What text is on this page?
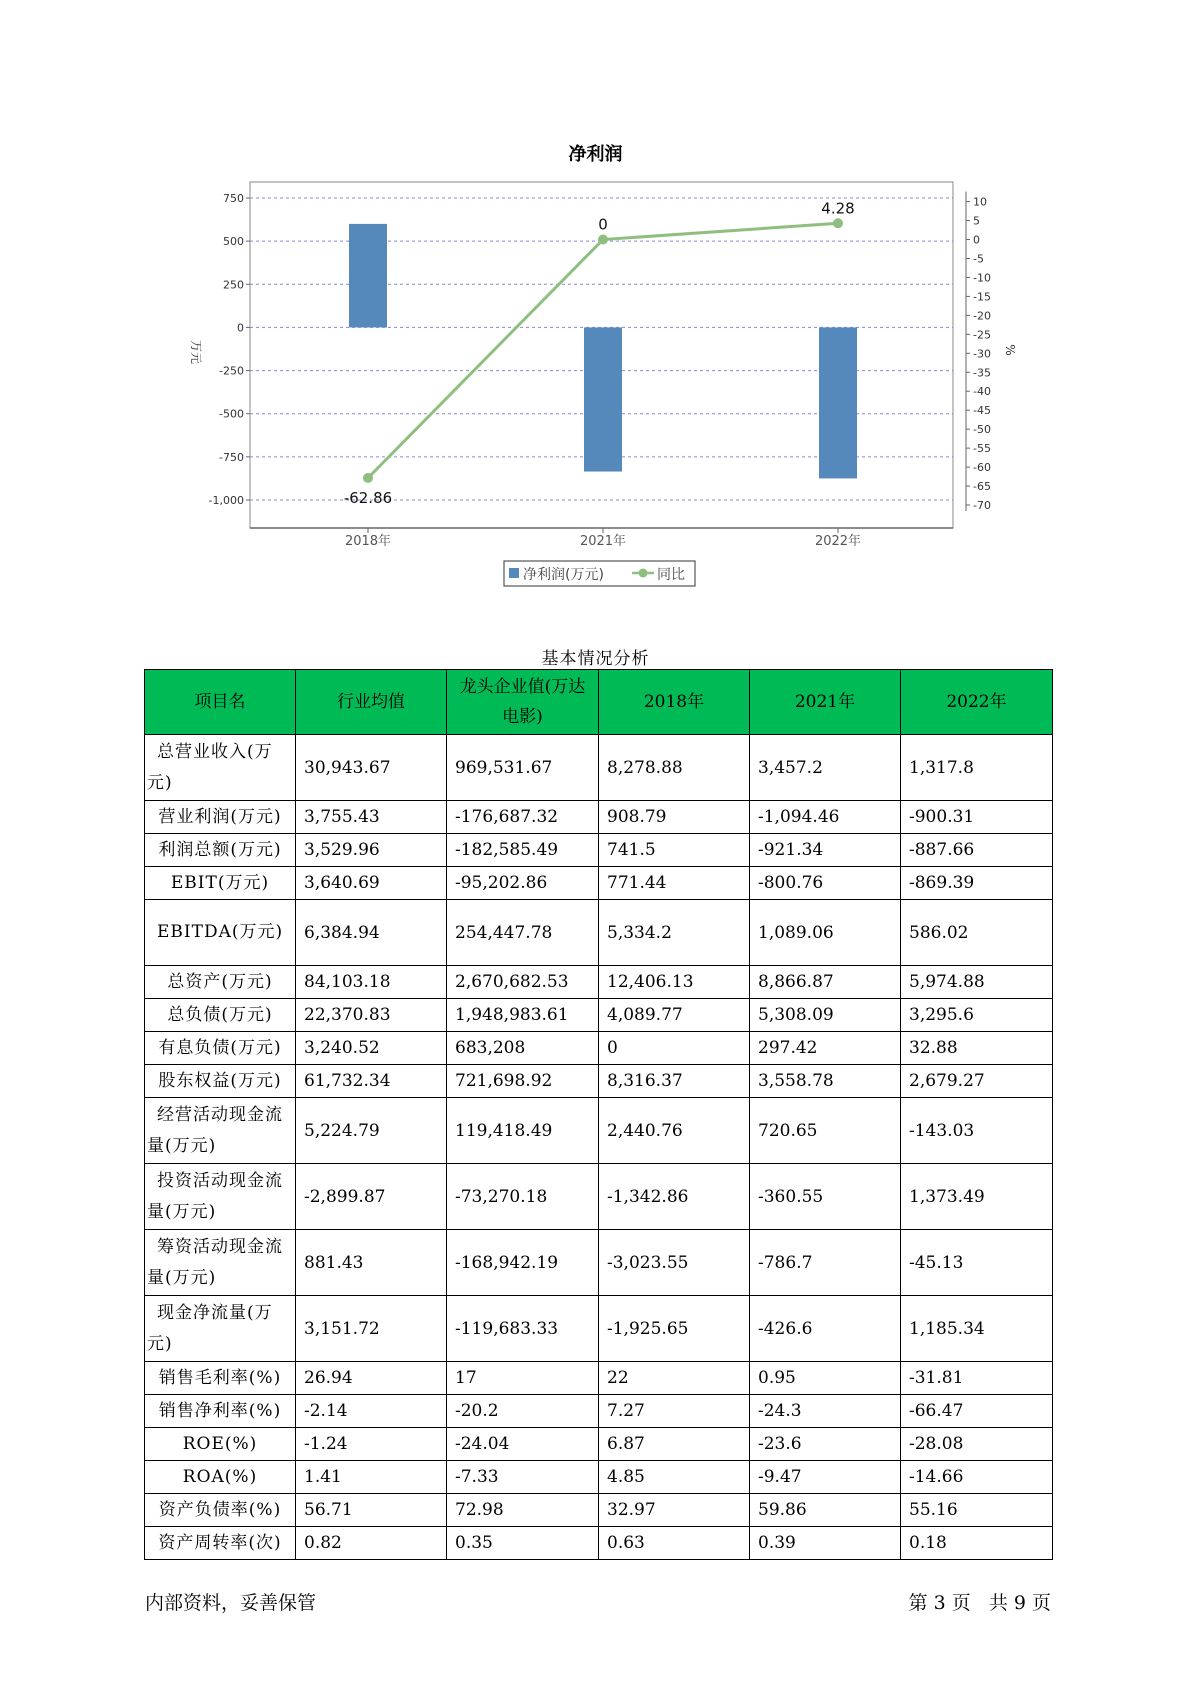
净利润
750
500
250
0
-250
-500
-750
-1,000
10
5
0
-5
-10
-15
-20
-25
-30
-35
-40
-45
-50
-55
-60
-65
-70
-62.86
0
4.28
2018年	2021年	2022年
万元	%
净利润(万元)	同比
基本情况分析
项目名	行业均值	龙头企业值(万达电影)	2018年	2021年	2022年
总营业收入(万元)	30,943.67	969,531.67	8,278.88	3,457.2	1,317.8
营业利润(万元)	3,755.43	-176,687.32	908.79	-1,094.46	-900.31
利润总额(万元)	3,529.96	-182,585.49	741.5	-921.34	-887.66
EBIT(万元)	3,640.69	-95,202.86	771.44	-800.76	-869.39
EBITDA(万元)	6,384.94	254,447.78	5,334.2	1,089.06	586.02
总资产(万元)	84,103.18	2,670,682.53	12,406.13	8,866.87	5,974.88
总负债(万元)	22,370.83	1,948,983.61	4,089.77	5,308.09	3,295.6
有息负债(万元)	3,240.52	683,208	0	297.42	32.88
股东权益(万元)	61,732.34	721,698.92	8,316.37	3,558.78	2,679.27
经营活动现金流量(万元)	5,224.79	119,418.49	2,440.76	720.65	-143.03
投资活动现金流量(万元)	-2,899.87	-73,270.18	-1,342.86	-360.55	1,373.49
筹资活动现金流量(万元)	881.43	-168,942.19	-3,023.55	-786.7	-45.13
现金净流量(万元)	3,151.72	-119,683.33	-1,925.65	-426.6	1,185.34
销售毛利率(%)	26.94	17	22	0.95	-31.81
销售净利率(%)	-2.14	-20.2	7.27	-24.3	-66.47
ROE(%)	-1.24	-24.04	6.87	-23.6	-28.08
ROA(%)	1.41	-7.33	4.85	-9.47	-14.66
资产负债率(%)	56.71	72.98	32.97	59.86	55.16
资产周转率(次)	0.82	0.35	0.63	0.39	0.18
内部资料，妥善保管	第 3 页   共 9 页
